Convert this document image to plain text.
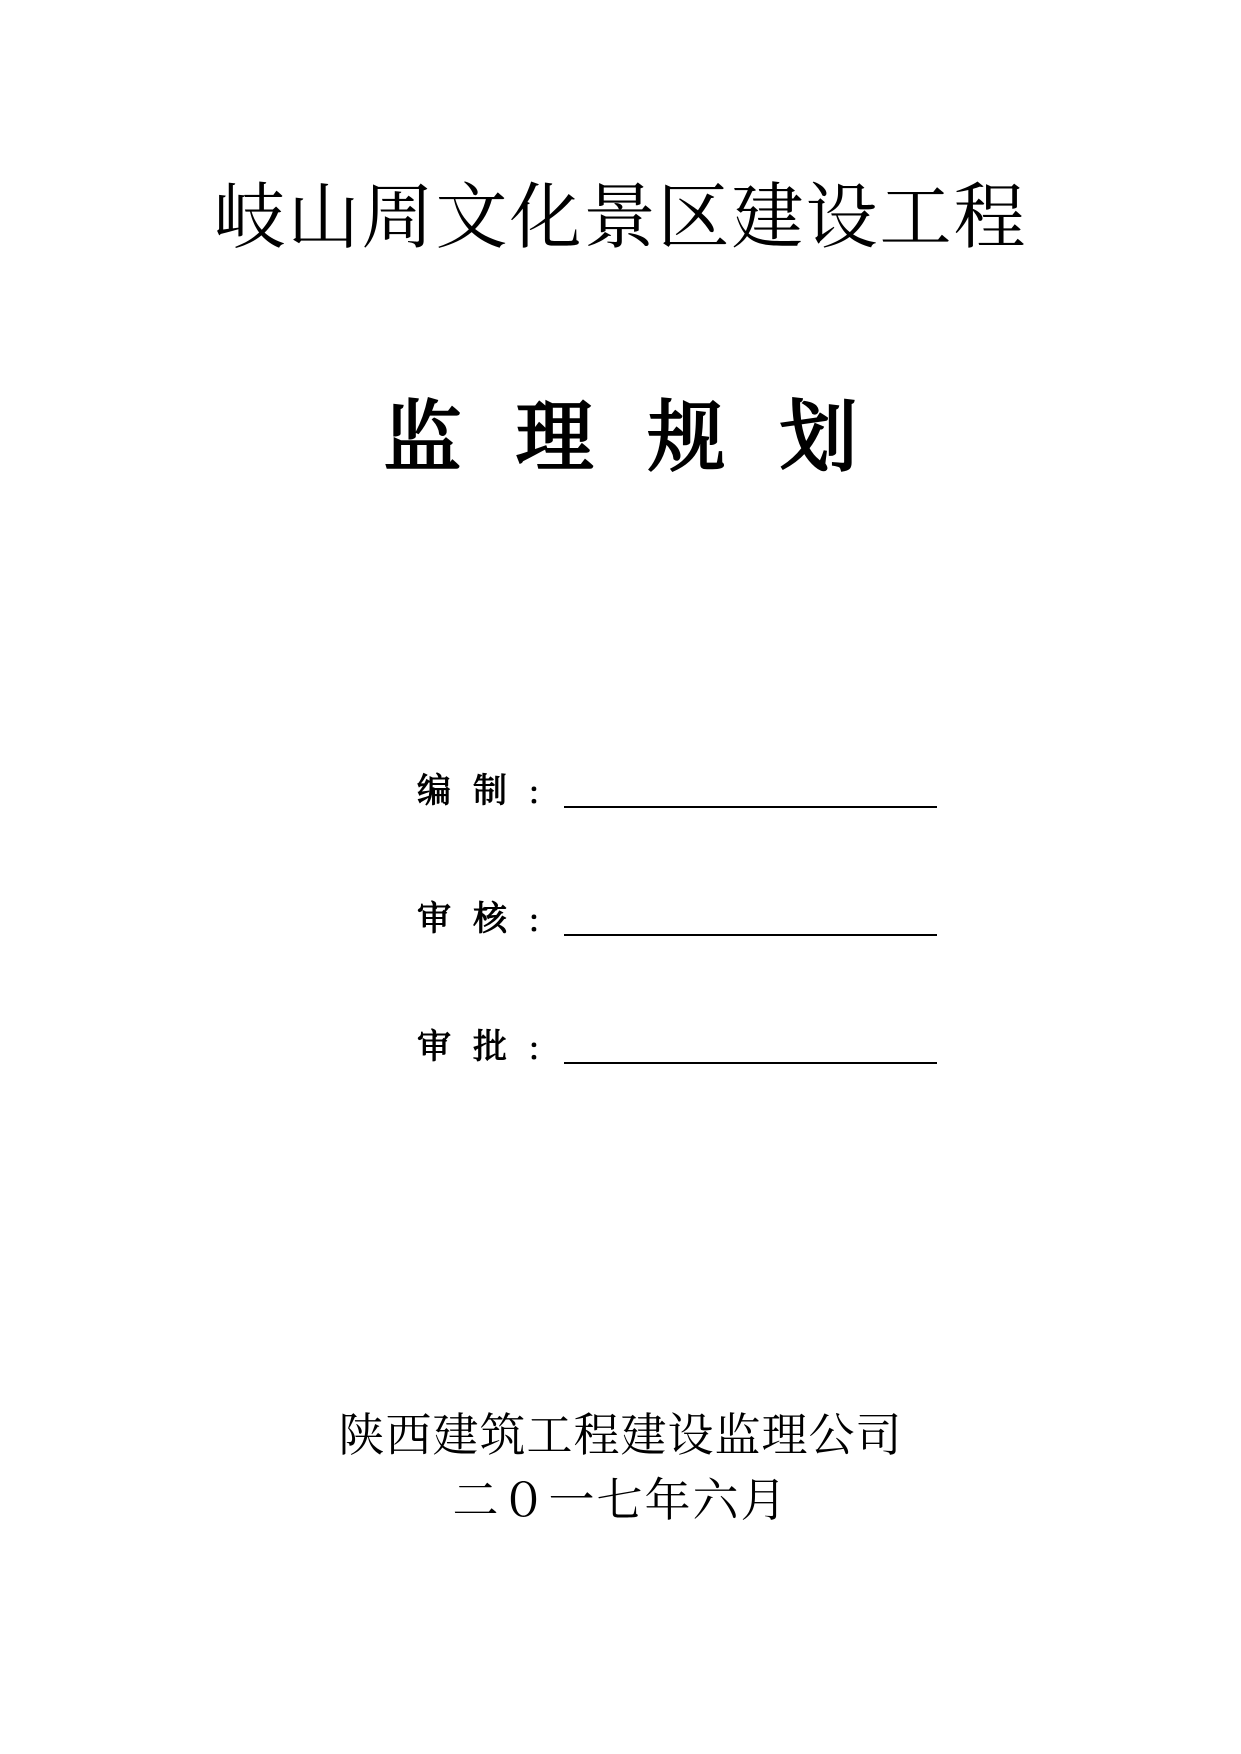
岐山周文化景区建设工程
监理规划
编制
：
审核
：
审批
：

陕西建筑工程建设监理公司

二０一七年六月
